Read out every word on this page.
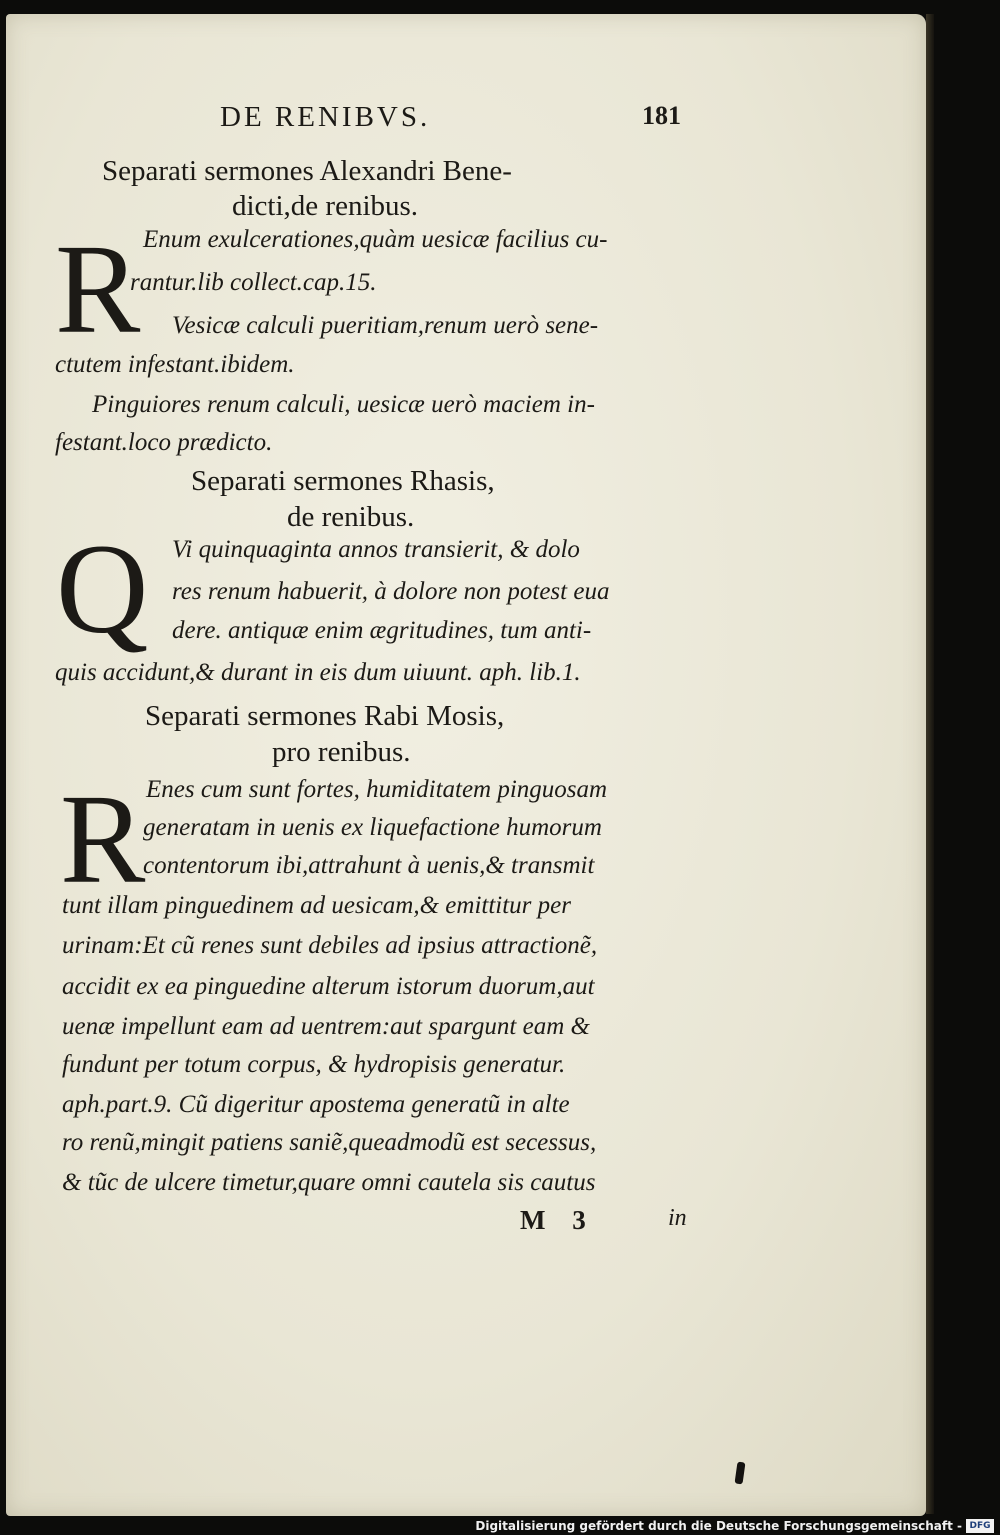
DE RENIBVS.	181
Separati sermones Alexandri Bene-
dicti,de renibus.
R Enum exulcerationes,quàm uesicæ facilius cu-
rantur.lib collect.cap.15.
Vesicæ calculi pueritiam,renum uerò sene-
ctutem infestant.ibidem.
Pinguiores renum calculi, uesicæ uerò maciem in-
festant.loco prædicto.
Separati sermones Rhasis,
de renibus.
Q Vi quinquaginta annos transierit, & dolo
res renum habuerit, à dolore non potest eua
dere. antiquæ enim ægritudines, tum anti-
quis accidunt,& durant in eis dum uiuunt. aph. lib.1.
Separati sermones Rabi Mosis,
pro renibus.
R Enes cum sunt fortes, humiditatem pinguosam
generatam in uenis ex liquefactione humorum
contentorum ibi,attrahunt à uenis,& transmit
tunt illam pinguedinem ad uesicam,& emittitur per
urinam:Et cũ renes sunt debiles ad ipsius attractionẽ,
accidit ex ea pinguedine alterum istorum duorum,aut
uenæ impellunt eam ad uentrem:aut spargunt eam &
fundunt per totum corpus, & hydropisis generatur.
aph.part.9. Cũ digeritur apostema generatũ in alte
ro renũ,mingit patiens saniẽ,queadmodũ est secessus,
& tũc de ulcere timetur,quare omni cautela sis cautus
M 3	in
Digitalisierung gefördert durch die Deutsche Forschungsgemeinschaft - DFG
